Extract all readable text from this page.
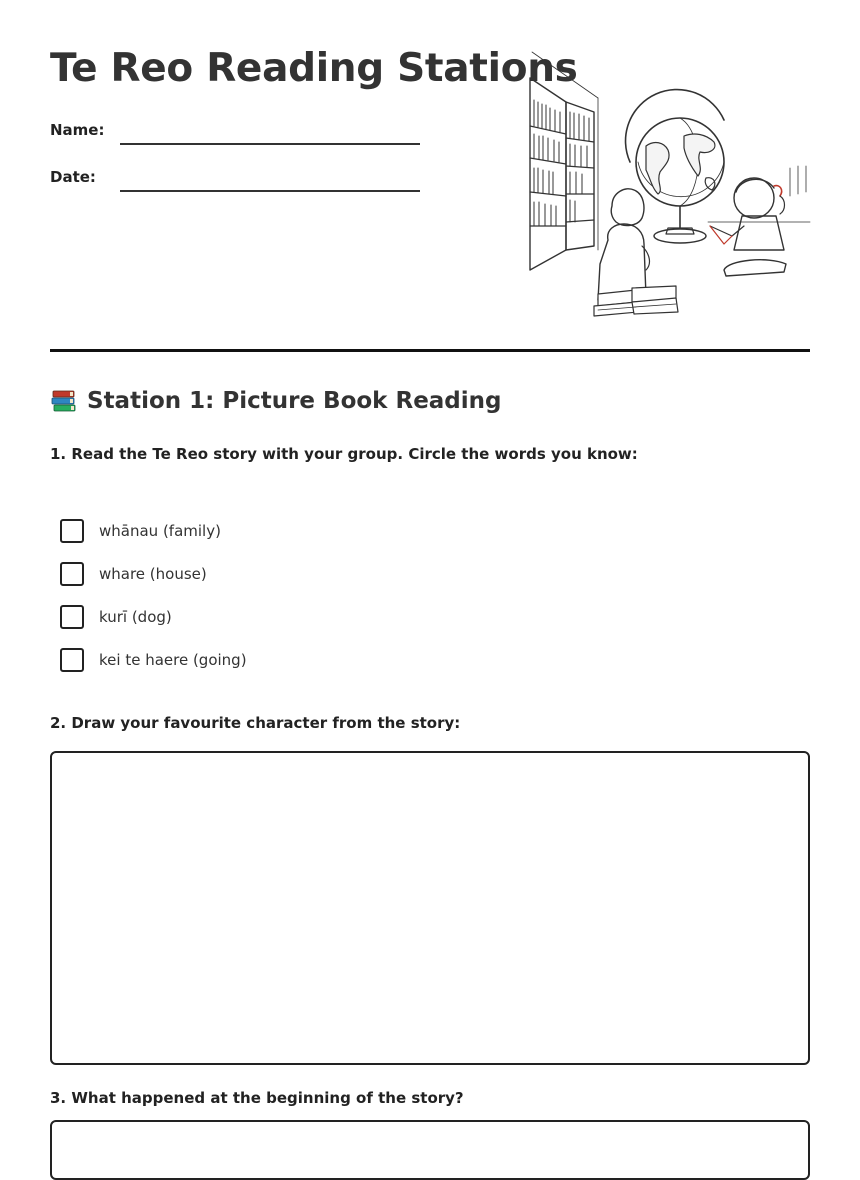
Te Reo Reading Stations
Name:
Date:
Station 1: Picture Book Reading

1. Read the Te Reo story with your group. Circle the words you know:

whānau (family)
whare (house)
kurī (dog)
kei te haere (going)

2. Draw your favourite character from the story:

3. What happened at the beginning of the story?
